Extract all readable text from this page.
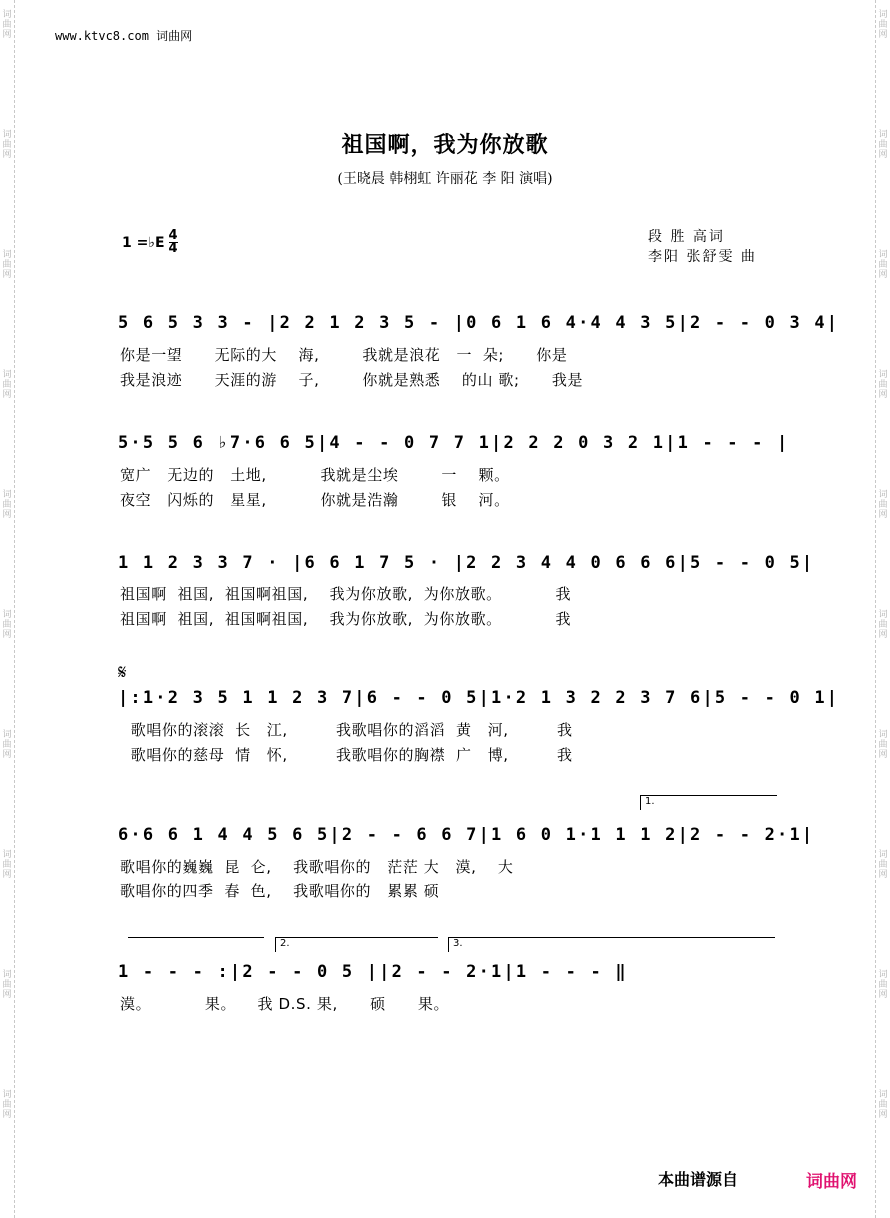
词曲网
词曲网
词曲网
词曲网
词曲网
词曲网
词曲网
词曲网
词曲网
词曲网
词曲网
词曲网
词曲网
词曲网
词曲网
词曲网
词曲网
词曲网
词曲网
词曲网
www.ktvc8.com 词曲网
祖国啊，我为你放歌
(王晓晨 韩栩虹 许丽花 李 阳 演唱)
1 =♭E $\frac{4}{4}$	段 胜 高词
李阳 张舒雯 曲
5 6 5 3 3 - |2 2 1 2 3 5 - |0 6 1 6 4·4 4 3 5|2 - - 0 3 4|
你是一望      无际的大    海,        我就是浪花   一  朵;      你是
我是浪迹      天涯的游    子,        你就是熟悉    的山 歌;      我是
5·5 5 6 ♭7·6 6 5|4 - - 0 7 7 1|2 2 2 0 3 2 1|1 - - - |
宽广   无边的   土地,          我就是尘埃        一    颗。
夜空   闪烁的   星星,          你就是浩瀚        银    河。
1 1 2 3 3 7 · |6 6 1 7 5 · |2 2 3 4 4 0 6 6 6|5 - - 0 5|
祖国啊  祖国,  祖国啊祖国,    我为你放歌,  为你放歌。          我
祖国啊  祖国,  祖国啊祖国,    我为你放歌,  为你放歌。          我
𝄋
|:1·2 3 5 1 1 2 3 7|6 - - 0 5|1·2 1 3 2 2 3 7 6|5 - - 0 1|
歌唱你的滚滚  长   江,         我歌唱你的滔滔  黄   河,         我
歌唱你的慈母  情   怀,         我歌唱你的胸襟  广   博,         我
1.
6·6 6 1 4 4 5 6 5|2 - - 6 6 7|1 6 0 1·1 1 1 2|2 - - 2·1|
歌唱你的巍巍  昆  仑,    我歌唱你的   茫茫 大   漠,    大
歌唱你的四季  春  色,    我歌唱你的   累累 硕
2.	3.
1 - - - :|2 - - 0 5 ||2 - - 2·1|1 - - - ‖
漠。          果。    我 D.S. 果,      硕      果。
本曲谱源自	词曲网
